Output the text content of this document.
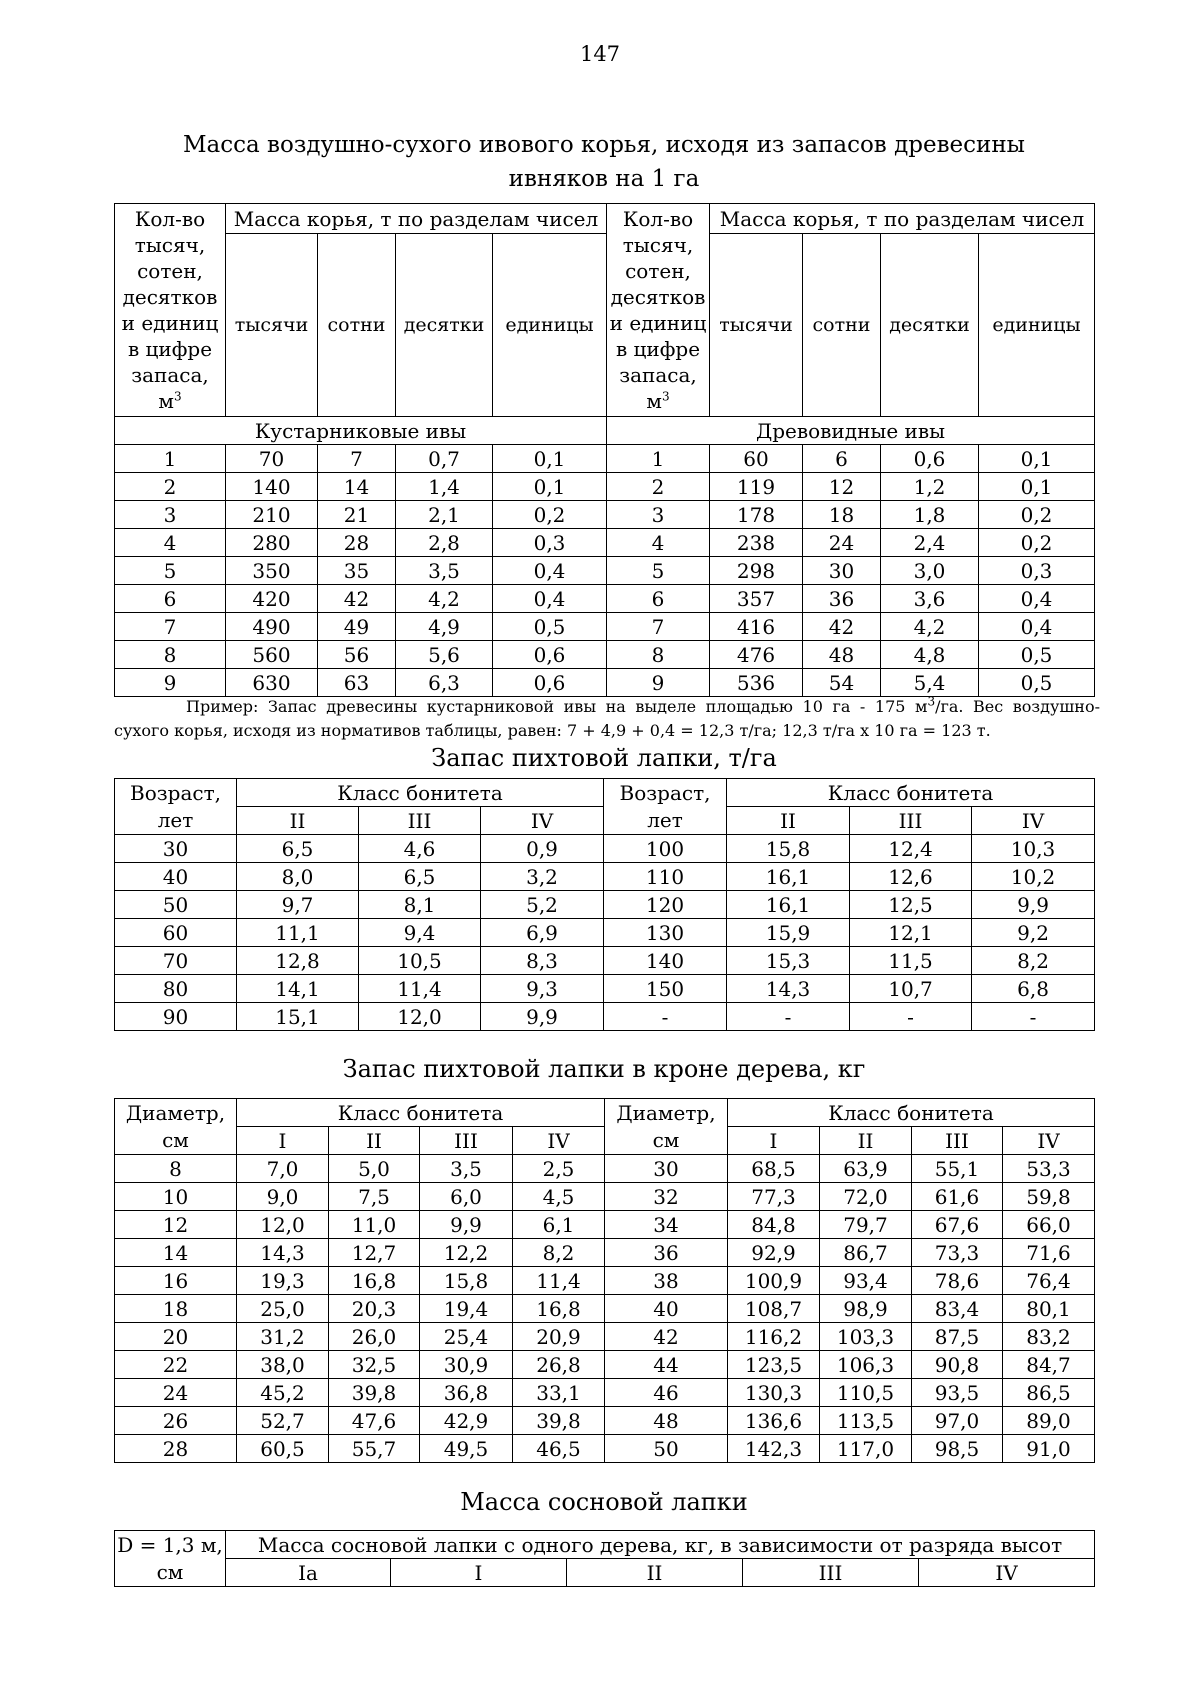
147
Масса воздушно-сухого ивового корья, исходя из запасов древесины
ивняков на 1 га
Кол-во тысяч, сотен, десятков и единиц в цифре запаса, $м^3$	Масса корья, т по разделам чисел				Кол-во тысяч, сотен, десятков и единиц в цифре запаса, $м^3$	Масса корья, т по разделам чисел			
	тысячи	сотни	десятки	единицы		тысячи	сотни	десятки	единицы
Кустарниковые ивы					Древовидные ивы				
1	70	7	0,7	0,1	1	60	6	0,6	0,1
2	140	14	1,4	0,1	2	119	12	1,2	0,1
3	210	21	2,1	0,2	3	178	18	1,8	0,2
4	280	28	2,8	0,3	4	238	24	2,4	0,2
5	350	35	3,5	0,4	5	298	30	3,0	0,3
6	420	42	4,2	0,4	6	357	36	3,6	0,4
7	490	49	4,9	0,5	7	416	42	4,2	0,4
8	560	56	5,6	0,6	8	476	48	4,8	0,5
9	630	63	6,3	0,6	9	536	54	5,4	0,5

Пример: Запас древесины кустарниковой ивы на выделе площадью 10 га - 175 $м^3/га$. Вес воздушно-

сухого корья, исходя из нормативов таблицы, равен: 7 + 4,9 + 0,4 = 12,3 т/га; 12,3 т/га х 10 га = 123 т.

Запас пихтовой лапки, т/га
Возраст,	Класс бонитета			Возраст,	Класс бонитета		
лет	II	III	IV	лет	II	III	IV
30	6,5	4,6	0,9	100	15,8	12,4	10,3
40	8,0	6,5	3,2	110	16,1	12,6	10,2
50	9,7	8,1	5,2	120	16,1	12,5	9,9
60	11,1	9,4	6,9	130	15,9	12,1	9,2
70	12,8	10,5	8,3	140	15,3	11,5	8,2
80	14,1	11,4	9,3	150	14,3	10,7	6,8
90	15,1	12,0	9,9	-	-	-	-
Запас пихтовой лапки в кроне дерева, кг
Диаметр,	Класс бонитета				Диаметр,	Класс бонитета			
см	I	II	III	IV	см	I	II	III	IV
8	7,0	5,0	3,5	2,5	30	68,5	63,9	55,1	53,3
10	9,0	7,5	6,0	4,5	32	77,3	72,0	61,6	59,8
12	12,0	11,0	9,9	6,1	34	84,8	79,7	67,6	66,0
14	14,3	12,7	12,2	8,2	36	92,9	86,7	73,3	71,6
16	19,3	16,8	15,8	11,4	38	100,9	93,4	78,6	76,4
18	25,0	20,3	19,4	16,8	40	108,7	98,9	83,4	80,1
20	31,2	26,0	25,4	20,9	42	116,2	103,3	87,5	83,2
22	38,0	32,5	30,9	26,8	44	123,5	106,3	90,8	84,7
24	45,2	39,8	36,8	33,1	46	130,3	110,5	93,5	86,5
26	52,7	47,6	42,9	39,8	48	136,6	113,5	97,0	89,0
28	60,5	55,7	49,5	46,5	50	142,3	117,0	98,5	91,0
Масса сосновой лапки
D = 1,3 м,	Масса сосновой лапки с одного дерева, кг, в зависимости от разряда высот				
см	Iа	I	II	III	IV
